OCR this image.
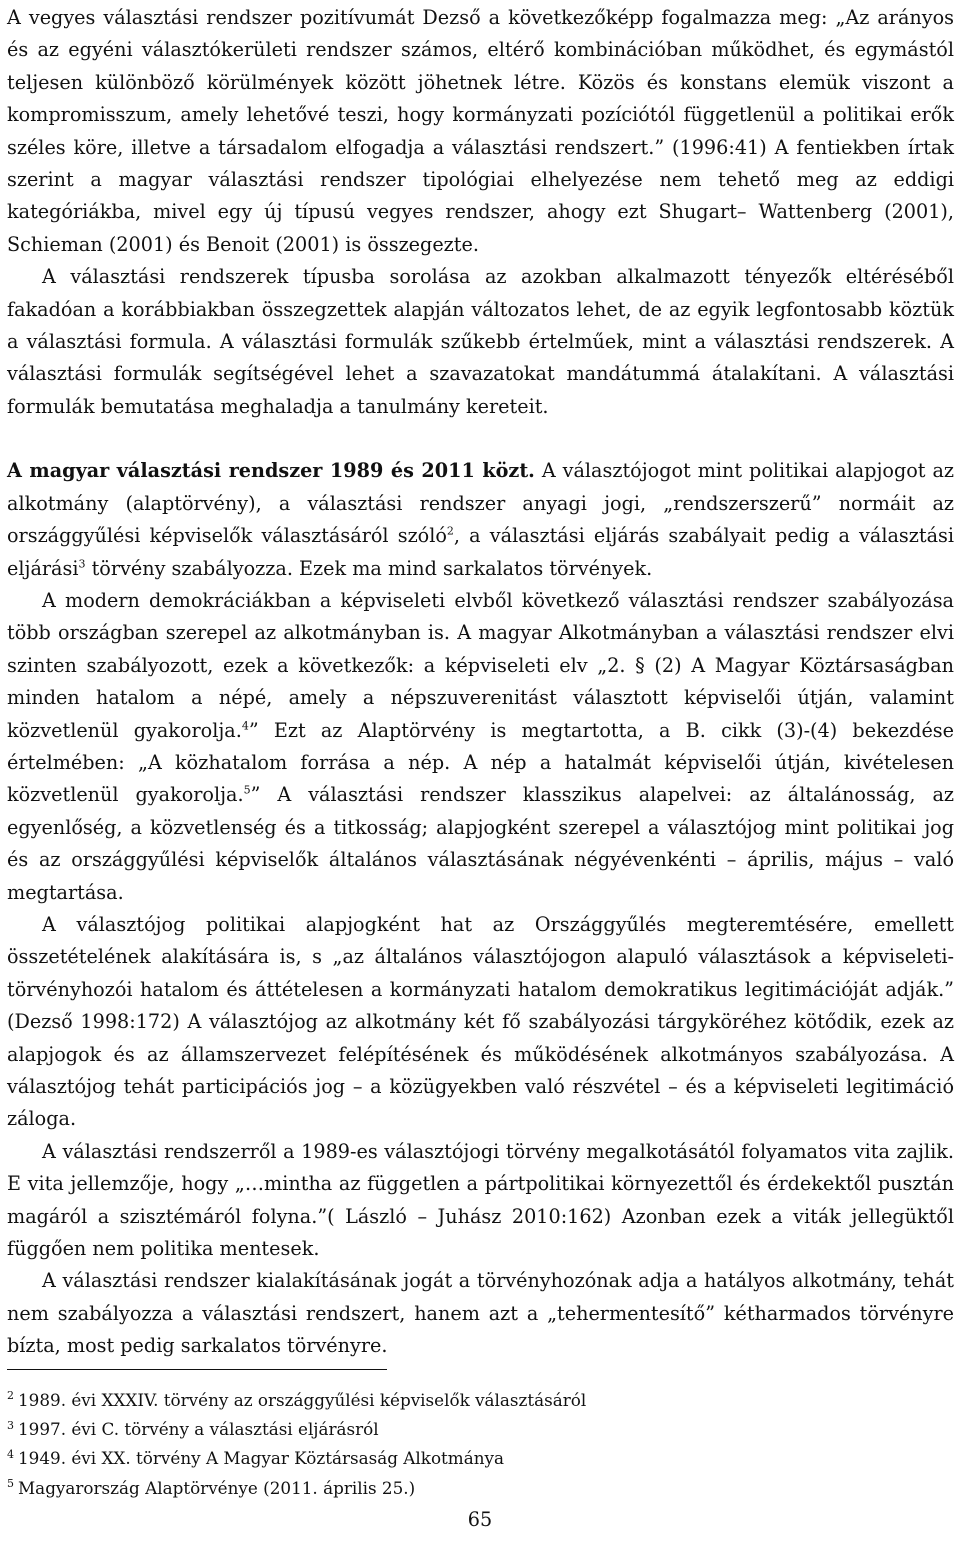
A vegyes választási rendszer pozitívumát Dezső a következőképp fogalmazza meg: „Az arányos és az egyéni választókerületi rendszer számos, eltérő kombinációban működhet, és egymástól teljesen különböző körülmények között jöhetnek létre. Közös és konstans elemük viszont a kompromisszum, amely lehetővé teszi, hogy kormányzati pozíciótól függetlenül a politikai erők széles köre, illetve a társadalom elfogadja a választási rendszert.” (1996:41) A fentiekben írtak szerint a magyar választási rendszer tipológiai elhelyezése nem tehető meg az eddigi kategóriákba, mivel egy új típusú vegyes rendszer, ahogy ezt Shugart– Wattenberg (2001), Schieman (2001) és Benoit (2001) is összegezte.

A választási rendszerek típusba sorolása az azokban alkalmazott tényezők eltéréséből fakadóan a korábbiakban összegzettek alapján változatos lehet, de az egyik legfontosabb köztük a választási formula. A választási formulák szűkebb értelműek, mint a választási rendszerek. A választási formulák segítségével lehet a szavazatokat mandátummá átalakítani. A választási formulák bemutatása meghaladja a tanulmány kereteit.

A magyar választási rendszer 1989 és 2011 közt. A választójogot mint politikai alapjogot az alkotmány (alaptörvény), a választási rendszer anyagi jogi, „rendszerszerű” normáit az országgyűlési képviselők választásáról szóló$^2$, a választási eljárás szabályait pedig a választási eljárási$^3$ törvény szabályozza. Ezek ma mind sarkalatos törvények.

A modern demokráciákban a képviseleti elvből következő választási rendszer szabályozása több országban szerepel az alkotmányban is. A magyar Alkotmányban a választási rendszer elvi szinten szabályozott, ezek a következők: a képviseleti elv „2. § (2) A Magyar Köztársaságban minden hatalom a népé, amely a népszuverenitást választott képviselői útján, valamint közvetlenül gyakorolja.$^4$” Ezt az Alaptörvény is megtartotta, a B. cikk (3)-(4) bekezdése értelmében: „A közhatalom forrása a nép. A nép a hatalmát képviselői útján, kivételesen közvetlenül gyakorolja.$^5$” A választási rendszer klasszikus alapelvei: az általánosság, az egyenlőség, a közvetlenség és a titkosság; alapjogként szerepel a választójog mint politikai jog és az országgyűlési képviselők általános választásának négyévenkénti – április, május – való megtartása.

A választójog politikai alapjogként hat az Országgyűlés megteremtésére, emellett összetételének alakítására is, s „az általános választójogon alapuló választások a képviseleti-törvényhozói hatalom és áttételesen a kormányzati hatalom demokratikus legitimációját adják.” (Dezső 1998:172) A választójog az alkotmány két fő szabályozási tárgyköréhez kötődik, ezek az alapjogok és az államszervezet felépítésének és működésének alkotmányos szabályozása. A választójog tehát participációs jog – a közügyekben való részvétel – és a képviseleti legitimáció záloga.

A választási rendszerről a 1989-es választójogi törvény megalkotásától folyamatos vita zajlik. E vita jellemzője, hogy „…mintha az független a pártpolitikai környezettől és érdekektől pusztán magáról a szisztémáról folyna.”( László – Juhász 2010:162) Azonban ezek a viták jellegüktől függően nem politika mentesek.

A választási rendszer kialakításának jogát a törvényhozónak adja a hatályos alkotmány, tehát nem szabályozza a választási rendszert, hanem azt a „tehermentesítő” kétharmados törvényre bízta, most pedig sarkalatos törvényre.

$^2$ 1989. évi XXXIV. törvény az országgyűlési képviselők választásáról

$^3$ 1997. évi C. törvény a választási eljárásról

$^4$ 1949. évi XX. törvény A Magyar Köztársaság Alkotmánya

$^5$ Magyarország Alaptörvénye (2011. április 25.)

65
